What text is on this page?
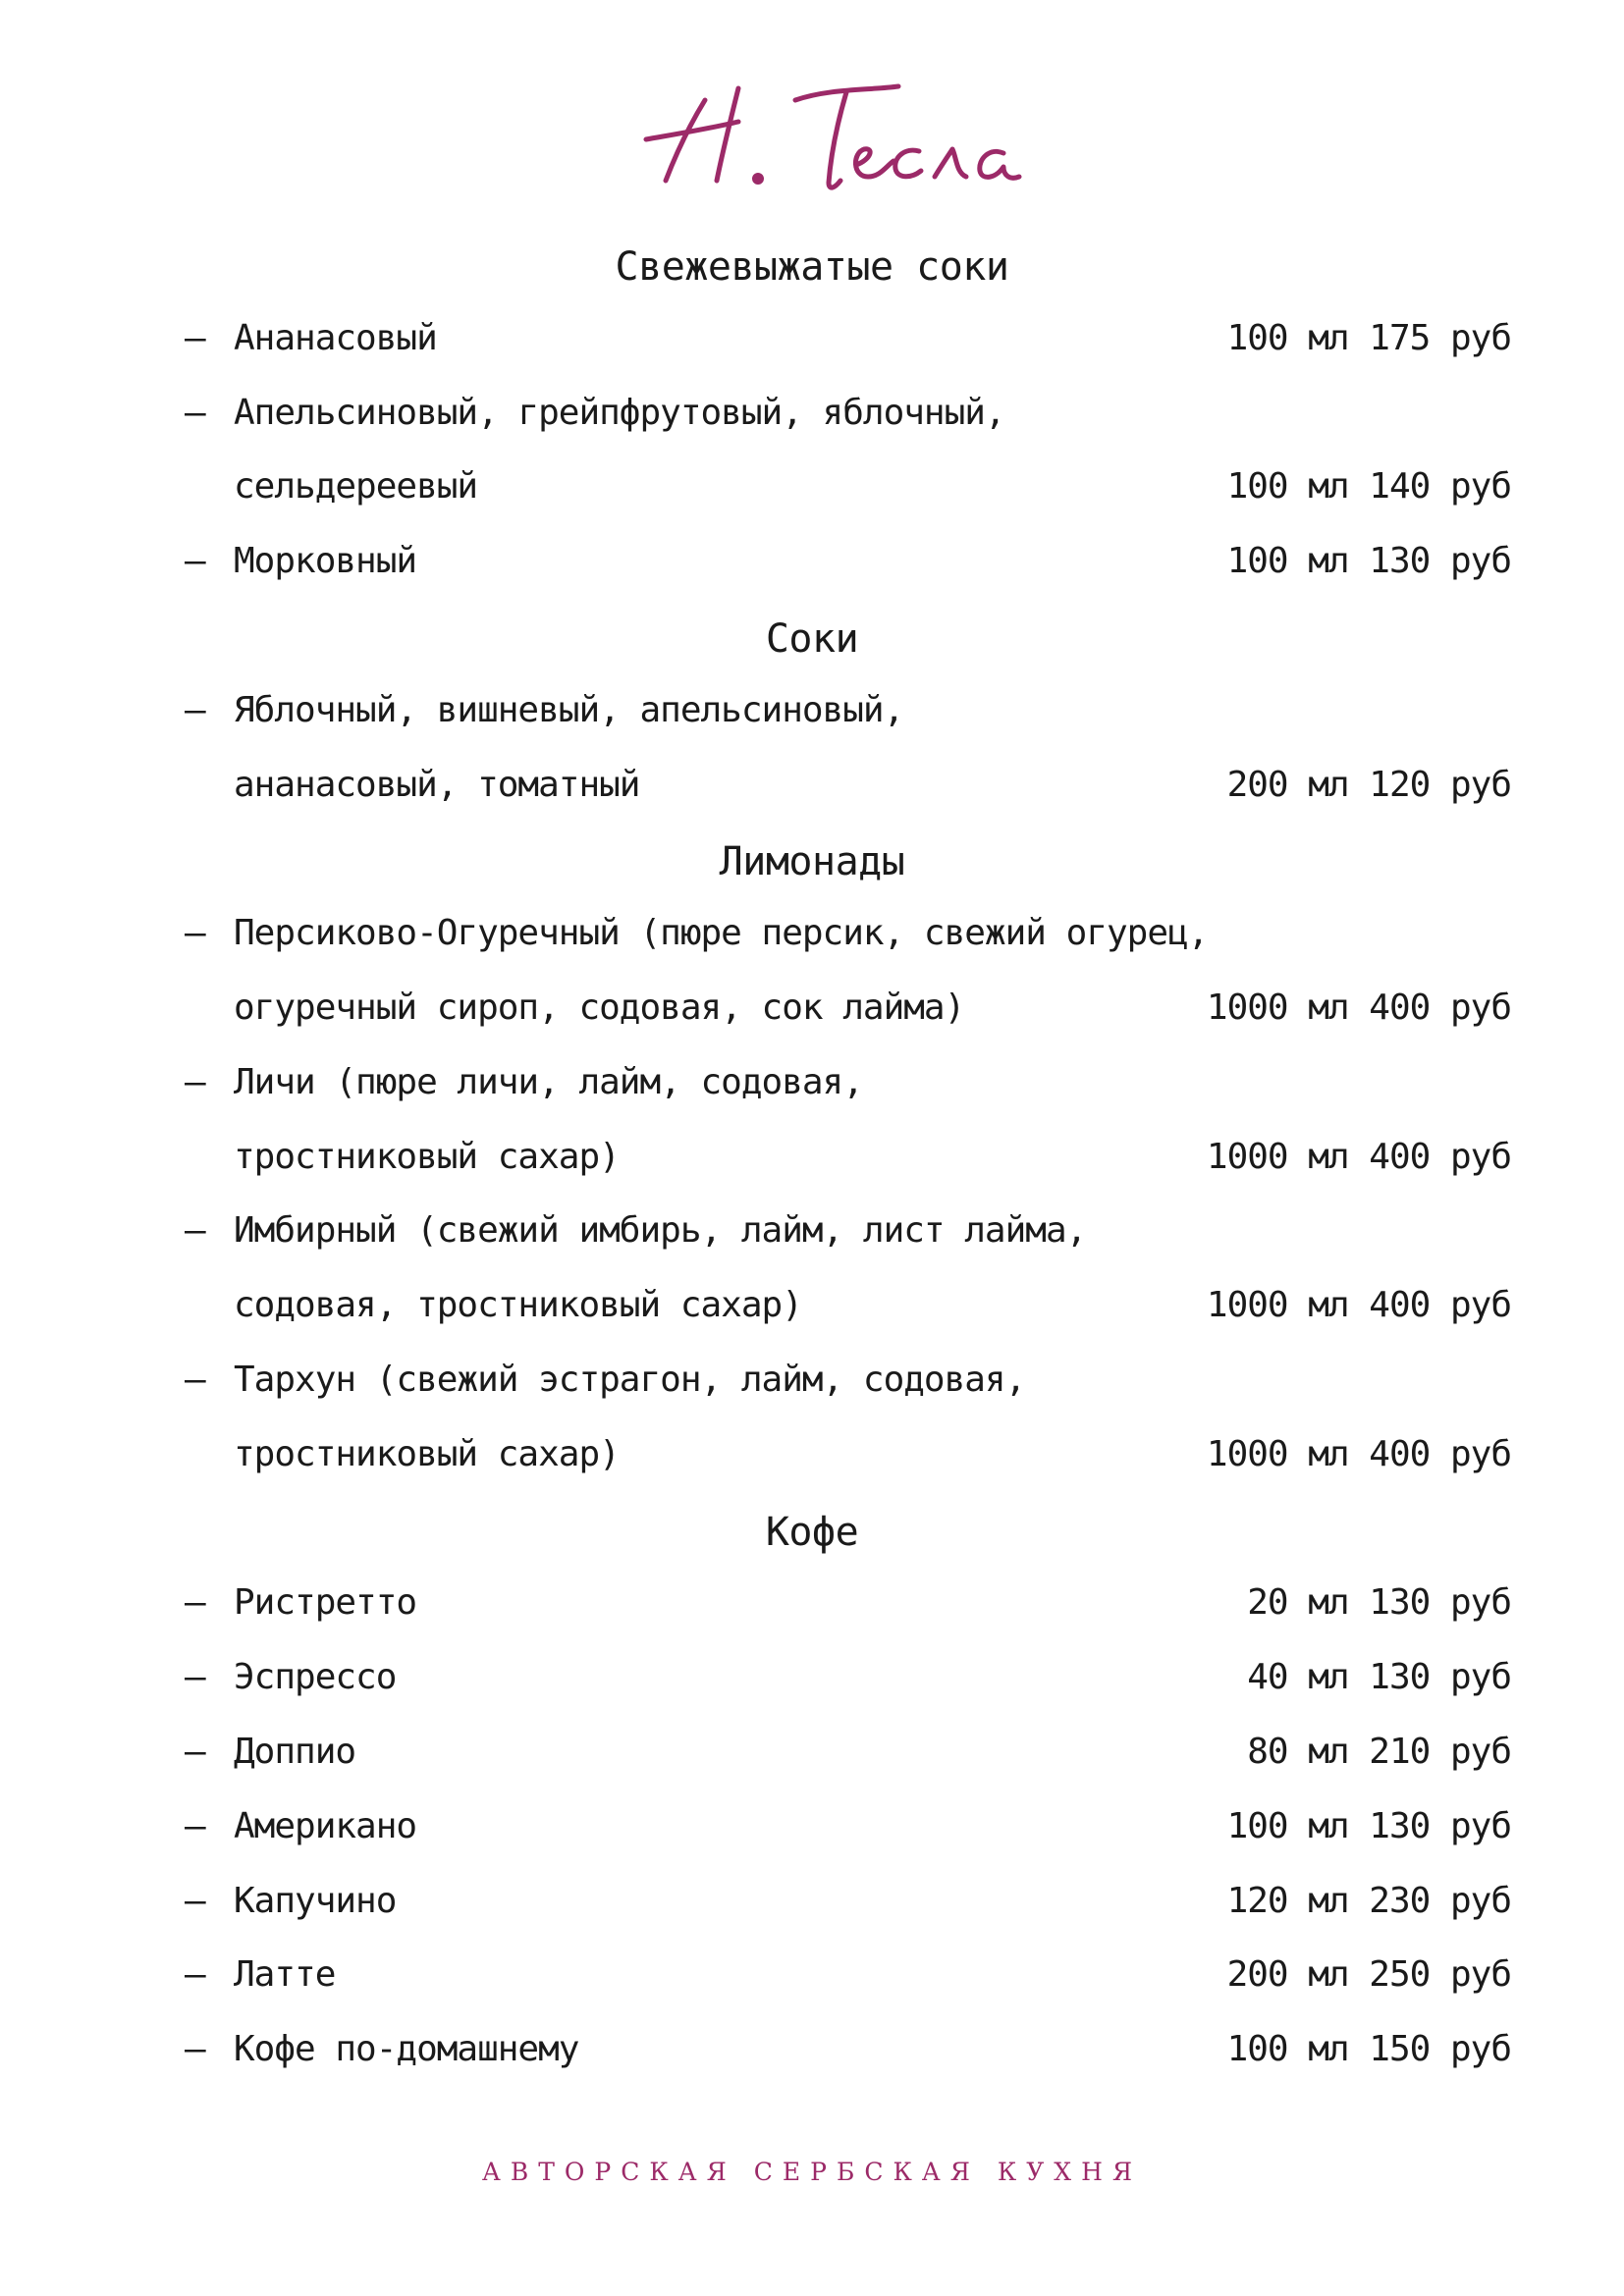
Свежевыжатые соки
– Ананасовый	100 мл 175 руб
– Апельсиновый, грейпфрутовый, яблочный,
сельдереевый	100 мл 140 руб
– Морковный	100 мл 130 руб
Соки
– Яблочный, вишневый, апельсиновый,
ананасовый, томатный	200 мл 120 руб
Лимонады
– Персиково-Огуречный (пюре персик, свежий огурец,
огуречный сироп, содовая, сок лайма)	1000 мл 400 руб
– Личи (пюре личи, лайм, содовая,
тростниковый сахар)	1000 мл 400 руб
– Имбирный (свежий имбирь, лайм, лист лайма,
содовая, тростниковый сахар)	1000 мл 400 руб
– Тархун (свежий эстрагон, лайм, содовая,
тростниковый сахар)	1000 мл 400 руб
Кофе
– Ристретто	20 мл 130 руб
– Эспрессо	40 мл 130 руб
– Доппио	80 мл 210 руб
– Американо	100 мл 130 руб
– Капучино	120 мл 230 руб
– Латте	200 мл 250 руб
– Кофе по-домашнему	100 мл 150 руб
АВТОРСКАЯ СЕРБСКАЯ КУХНЯ
